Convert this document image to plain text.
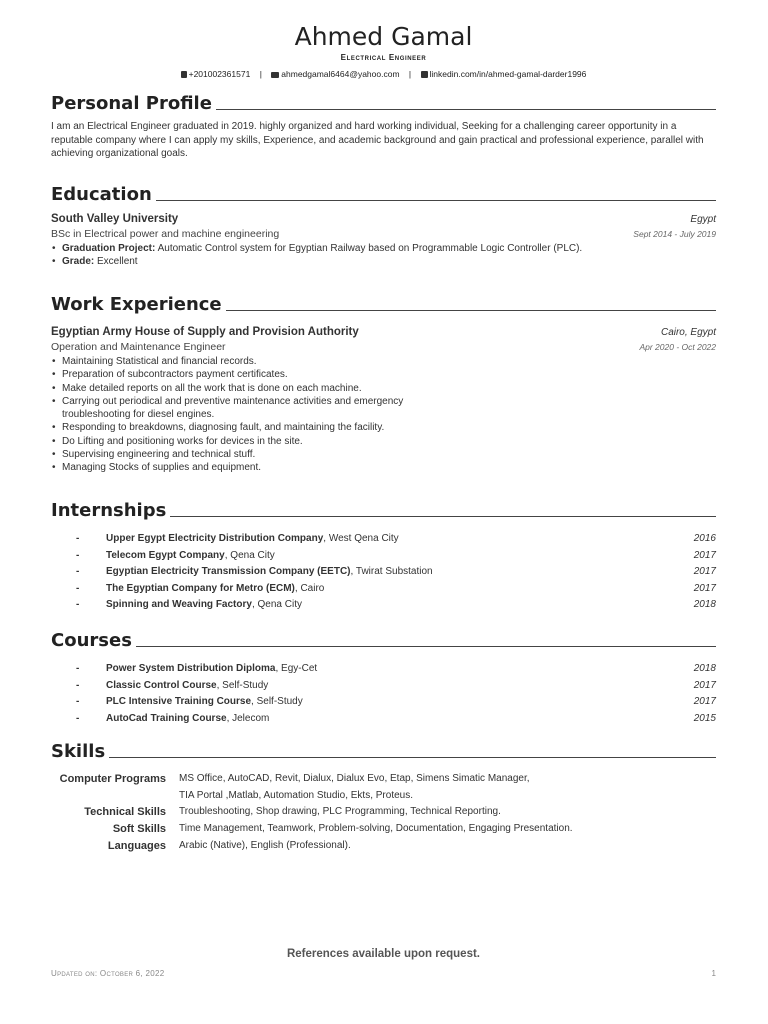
Ahmed Gamal
Electrical Engineer
+201002361571 | ahmedgamal6464@yahoo.com | linkedin.com/in/ahmed-gamal-darder1996
Personal Profile
I am an Electrical Engineer graduated in 2019. highly organized and hard working individual, Seeking for a challenging career opportunity in a reputable company where I can apply my skills, Experience, and academic background and gain practical and professional experience, parallel with achieving organizational goals.
Education
South Valley University	Egypt
BSc in Electrical power and machine engineering	Sept 2014 - July 2019
• Graduation Project: Automatic Control system for Egyptian Railway based on Programmable Logic Controller (PLC).
• Grade: Excellent
Work Experience
Egyptian Army House of Supply and Provision Authority	Cairo, Egypt
Operation and Maintenance Engineer	Apr 2020 - Oct 2022
• Maintaining Statistical and financial records.
• Preparation of subcontractors payment certificates.
• Make detailed reports on all the work that is done on each machine.
• Carrying out periodical and preventive maintenance activities and emergency troubleshooting for diesel engines.
• Responding to breakdowns, diagnosing fault, and maintaining the facility.
• Do Lifting and positioning works for devices in the site.
• Supervising engineering and technical stuff.
• Managing Stocks of supplies and equipment.
Internships
-	Upper Egypt Electricity Distribution Company, West Qena City	2016
-	Telecom Egypt Company, Qena City	2017
-	Egyptian Electricity Transmission Company (EETC), Twirat Substation	2017
-	The Egyptian Company for Metro (ECM), Cairo	2017
-	Spinning and Weaving Factory, Qena City	2018
Courses
-	Power System Distribution Diploma, Egy-Cet	2018
-	Classic Control Course, Self-Study	2017
-	PLC Intensive Training Course, Self-Study	2017
-	AutoCad Training Course, Jelecom	2015
Skills
Computer Programs	MS Office, AutoCAD, Revit, Dialux, Dialux Evo, Etap, Simens Simatic Manager,
TIA Portal ,Matlab, Automation Studio, Ekts, Proteus.
Technical Skills	Troubleshooting, Shop drawing, PLC Programming, Technical Reporting.
Soft Skills	Time Management, Teamwork, Problem-solving, Documentation, Engaging Presentation.
Languages	Arabic (Native), English (Professional).
References available upon request.
Updated on: October 6, 2022	1
